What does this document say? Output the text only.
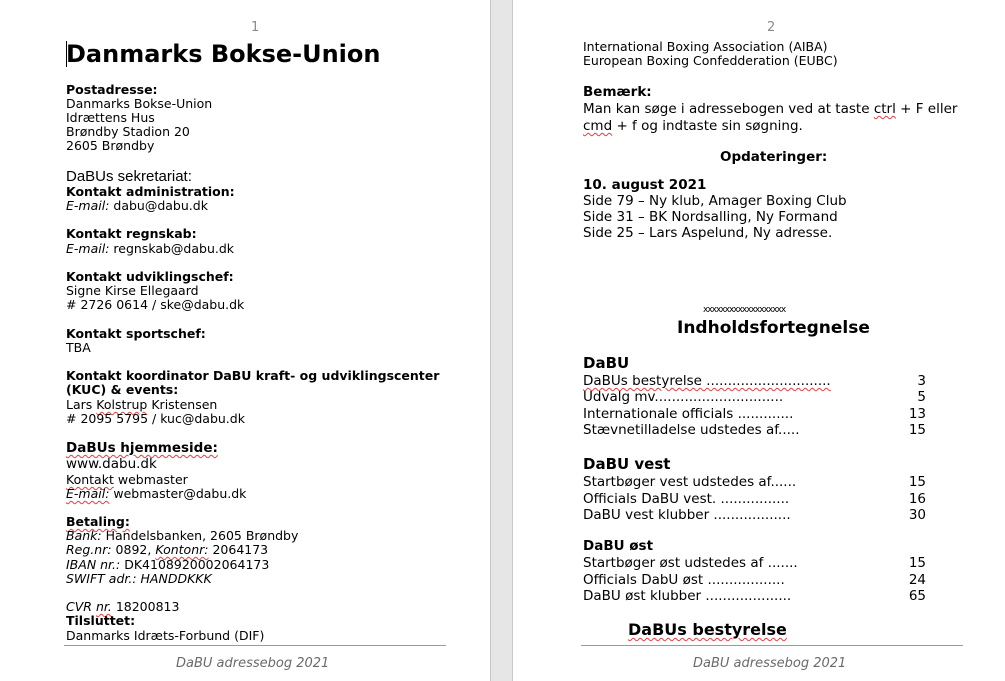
1
Danmarks Bokse-Union
Postadresse:
Danmarks Bokse-Union
Idrættens Hus
Brøndby Stadion 20
2605 Brøndby
DaBUs sekretariat:
Kontakt administration:
E-mail: dabu@dabu.dk
Kontakt regnskab:
E-mail: regnskab@dabu.dk
Kontakt udviklingschef:
Signe Kirse Ellegaard
# 2726 0614 / ske@dabu.dk
Kontakt sportschef:
TBA
Kontakt koordinator DaBU kraft- og udviklingscenter
(KUC) & events:
Lars Kolstrup Kristensen
# 2095 5795 / kuc@dabu.dk
DaBUs hjemmeside:
www.dabu.dk
Kontakt webmaster
E-mail: webmaster@dabu.dk
Betaling:
Bank: Handelsbanken, 2605 Brøndby
Reg.nr: 0892, Kontonr: 2064173
IBAN nr.: DK4108920002064173
SWIFT adr.: HANDDKKK
CVR nr. 18200813
Tilsluttet:
Danmarks Idræts-Forbund (DIF)
DaBU adressebog 2021
2
International Boxing Association (AIBA)
European Boxing Confedderation (EUBC)
Bemærk:
Man kan søge i adressebogen ved at taste ctrl + F eller
cmd + f og indtaste sin søgning.
Opdateringer:
10. august 2021
Side 79 – Ny klub, Amager Boxing Club
Side 31 – BK Nordsalling, Ny Formand
Side 25 – Lars Aspelund, Ny adresse.
xxxxxxxxxxxxxxxxxxx
Indholdsfortegnelse
DaBU
DaBUs bestyrelse .............................	3
Udvalg mv..............................	5
Internationale officials .............	13
Stævnetilladelse udstedes af.....	15
DaBU vest
Startbøger vest udstedes af......	15
Officials DaBU vest. ................	16
DaBU vest klubber ..................	30
DaBU øst
Startbøger øst udstedes af .......	15
Officials DabU øst ..................	24
DaBU øst klubber ....................	65
DaBUs bestyrelse
DaBU adressebog 2021
